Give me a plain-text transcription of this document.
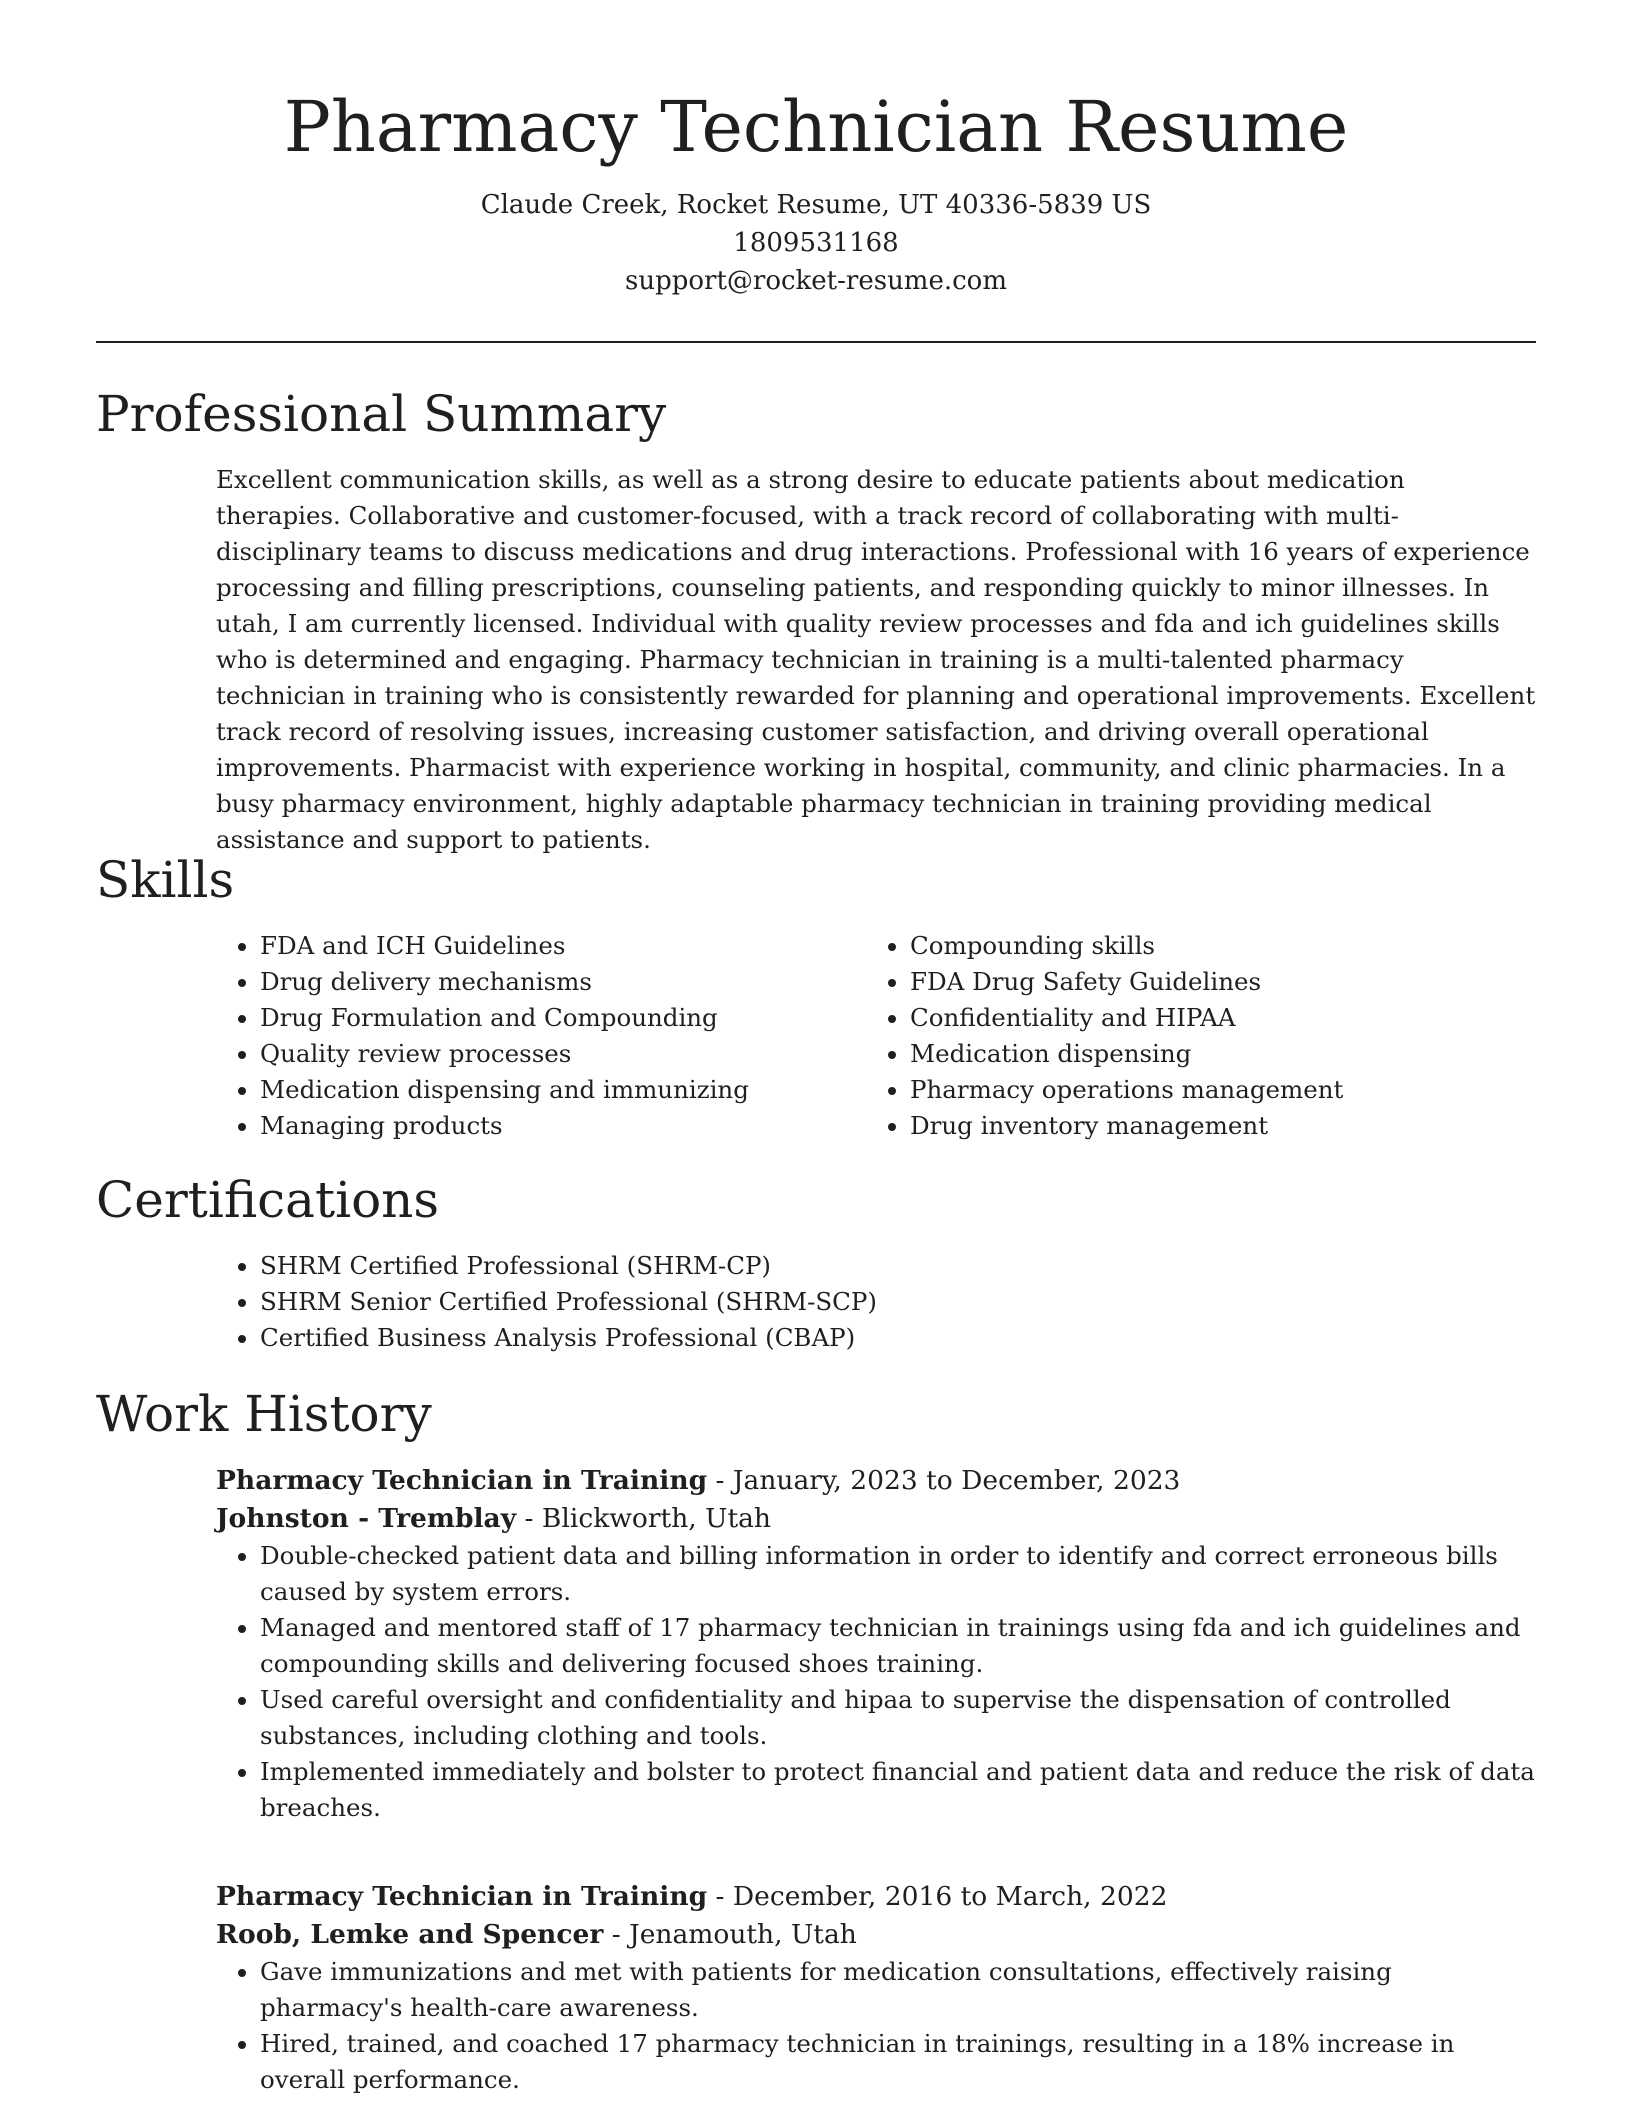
Pharmacy Technician Resume
Claude Creek, Rocket Resume, UT 40336-5839 US
1809531168
support@rocket-resume.com
Professional Summary

Excellent communication skills, as well as a strong desire to educate patients about medication therapies. Collaborative and customer-focused, with a track record of collaborating with multi-disciplinary teams to discuss medications and drug interactions. Professional with 16 years of experience processing and filling prescriptions, counseling patients, and responding quickly to minor illnesses. In utah, I am currently licensed. Individual with quality review processes and fda and ich guidelines skills who is determined and engaging. Pharmacy technician in training is a multi-talented pharmacy technician in training who is consistently rewarded for planning and operational improvements. Excellent track record of resolving issues, increasing customer satisfaction, and driving overall operational improvements. Pharmacist with experience working in hospital, community, and clinic pharmacies. In a busy pharmacy environment, highly adaptable pharmacy technician in training providing medical assistance and support to patients.

Skills
• FDA and ICH Guidelines
• Drug delivery mechanisms
• Drug Formulation and Compounding
• Quality review processes
• Medication dispensing and immunizing
• Managing products
• Compounding skills
• FDA Drug Safety Guidelines
• Confidentiality and HIPAA
• Medication dispensing
• Pharmacy operations management
• Drug inventory management
Certifications
• SHRM Certified Professional (SHRM-CP)
• SHRM Senior Certified Professional (SHRM-SCP)
• Certified Business Analysis Professional (CBAP)
Work History
Pharmacy Technician in Training - January, 2023 to December, 2023
Johnston - Tremblay - Blickworth, Utah
• Double-checked patient data and billing information in order to identify and correct erroneous bills caused by system errors.
• Managed and mentored staff of 17 pharmacy technician in trainings using fda and ich guidelines and compounding skills and delivering focused shoes training.
• Used careful oversight and confidentiality and hipaa to supervise the dispensation of controlled substances, including clothing and tools.
• Implemented immediately and bolster to protect financial and patient data and reduce the risk of data breaches.
Pharmacy Technician in Training - December, 2016 to March, 2022
Roob, Lemke and Spencer - Jenamouth, Utah
• Gave immunizations and met with patients for medication consultations, effectively raising pharmacy's health-care awareness.
• Hired, trained, and coached 17 pharmacy technician in trainings, resulting in a 18% increase in overall performance.
